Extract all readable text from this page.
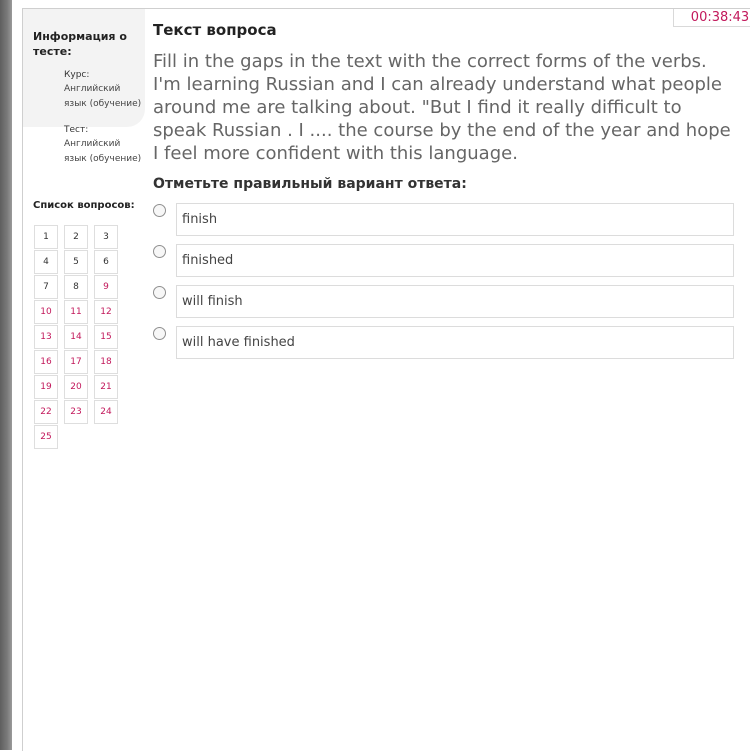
00:38:43
Информация о тесте:
Курс:
Английский язык (обучение)
Тест:
Английский язык (обучение)
Список вопросов:
1	2	3
4	5	6
7	8	9
10	11	12
13	14	15
16	17	18
19	20	21
22	23	24
25
Текст вопроса
Fill in the gaps in the text with the correct forms of the verbs. I'm learning Russian and I can already understand what people around me are talking about. "But I find it really difficult to speak Russian . I .... the course by the end of the year and hope I feel more confident with this language.
Отметьте правильный вариант ответа:
finish
finished
will finish
will have finished
